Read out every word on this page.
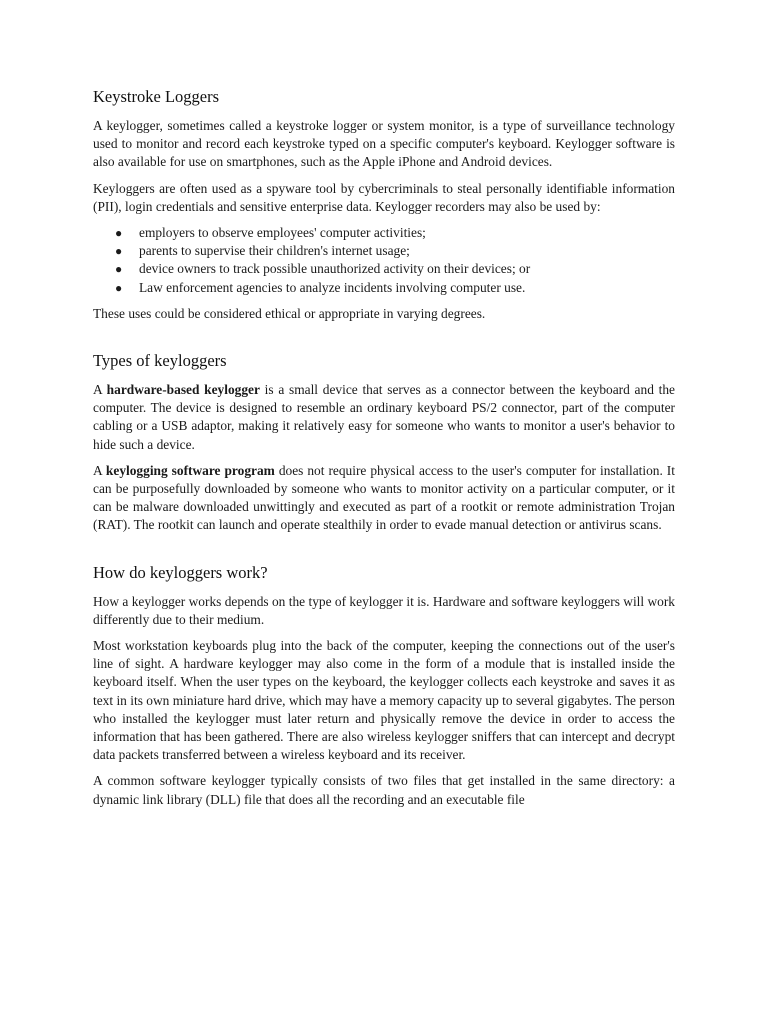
Keystroke Loggers

A keylogger, sometimes called a keystroke logger or system monitor, is a type of surveillance technology used to monitor and record each keystroke typed on a specific computer's keyboard. Keylogger software is also available for use on smartphones, such as the Apple iPhone and Android devices.

Keyloggers are often used as a spyware tool by cybercriminals to steal personally identifiable information (PII), login credentials and sensitive enterprise data. Keylogger recorders may also be used by:

● employers to observe employees' computer activities;
● parents to supervise their children's internet usage;
● device owners to track possible unauthorized activity on their devices; or
● Law enforcement agencies to analyze incidents involving computer use.

These uses could be considered ethical or appropriate in varying degrees.

Types of keyloggers

A hardware-based keylogger is a small device that serves as a connector between the keyboard and the computer. The device is designed to resemble an ordinary keyboard PS/2 connector, part of the computer cabling or a USB adaptor, making it relatively easy for someone who wants to monitor a user's behavior to hide such a device.

A keylogging software program does not require physical access to the user's computer for installation. It can be purposefully downloaded by someone who wants to monitor activity on a particular computer, or it can be malware downloaded unwittingly and executed as part of a rootkit or remote administration Trojan (RAT). The rootkit can launch and operate stealthily in order to evade manual detection or antivirus scans.

How do keyloggers work?

How a keylogger works depends on the type of keylogger it is. Hardware and software keyloggers will work differently due to their medium.

Most workstation keyboards plug into the back of the computer, keeping the connections out of the user's line of sight. A hardware keylogger may also come in the form of a module that is installed inside the keyboard itself. When the user types on the keyboard, the keylogger collects each keystroke and saves it as text in its own miniature hard drive, which may have a memory capacity up to several gigabytes. The person who installed the keylogger must later return and physically remove the device in order to access the information that has been gathered. There are also wireless keylogger sniffers that can intercept and decrypt data packets transferred between a wireless keyboard and its receiver.

A common software keylogger typically consists of two files that get installed in the same directory: a dynamic link library (DLL) file that does all the recording and an executable file
